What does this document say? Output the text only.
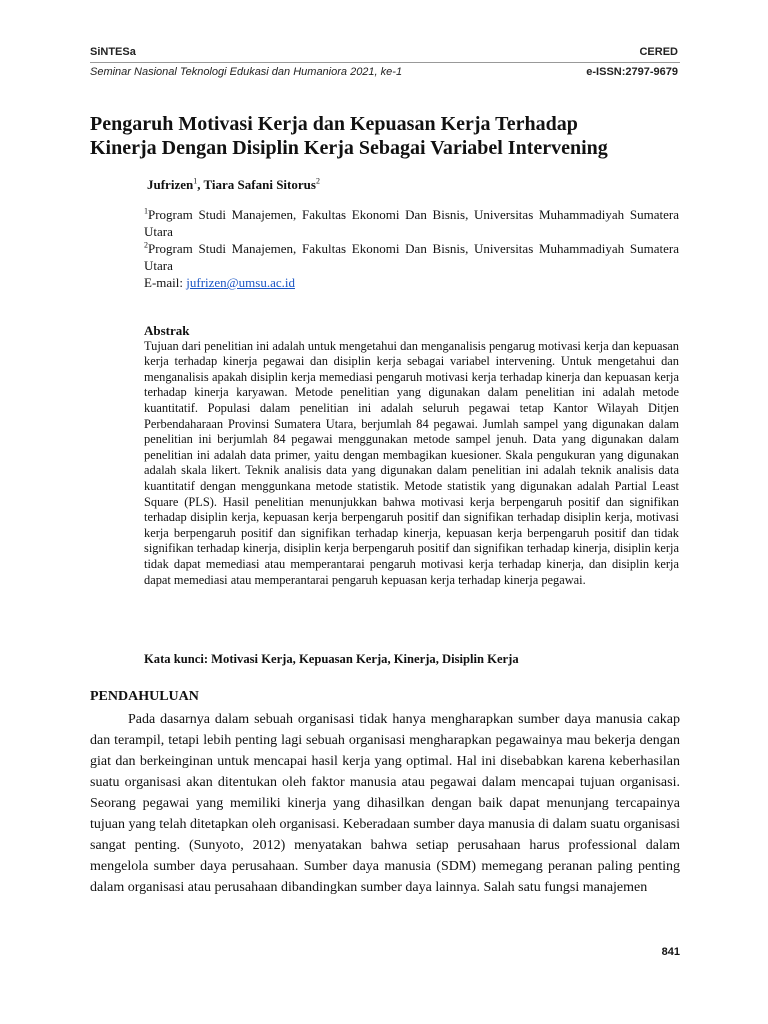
SiNTESa	CERED
Seminar Nasional Teknologi Edukasi dan Humaniora 2021, ke-1	e-ISSN:2797-9679
Pengaruh Motivasi Kerja dan Kepuasan Kerja Terhadap
Kinerja Dengan Disiplin Kerja Sebagai Variabel Intervening
Jufrizen$^1$, Tiara Safani Sitorus$^2$

$^1$Program Studi Manajemen, Fakultas Ekonomi Dan Bisnis, Universitas Muhammadiyah Sumatera Utara

$^2$Program Studi Manajemen, Fakultas Ekonomi Dan Bisnis, Universitas Muhammadiyah Sumatera Utara

E-mail: jufrizen@umsu.ac.id

Abstrak

Tujuan dari penelitian ini adalah untuk mengetahui dan menganalisis pengarug motivasi kerja dan kepuasan kerja terhadap kinerja pegawai dan disiplin kerja sebagai variabel intervening. Untuk mengetahui dan menganalisis apakah disiplin kerja memediasi pengaruh motivasi kerja terhadap kinerja dan kepuasan kerja terhadap kinerja karyawan. Metode penelitian yang digunakan dalam penelitian ini adalah metode kuantitatif. Populasi dalam penelitian ini adalah seluruh pegawai tetap Kantor Wilayah Ditjen Perbendaharaan Provinsi Sumatera Utara, berjumlah 84 pegawai. Jumlah sampel yang digunakan dalam penelitian ini berjumlah 84 pegawai menggunakan metode sampel jenuh. Data yang digunakan dalam penelitian ini adalah data primer, yaitu dengan membagikan kuesioner. Skala pengukuran yang digunakan adalah skala likert. Teknik analisis data yang digunakan dalam penelitian ini adalah teknik analisis data kuantitatif dengan menggunkana metode statistik. Metode statistik yang digunakan adalah Partial Least Square (PLS). Hasil penelitian menunjukkan bahwa motivasi kerja berpengaruh positif dan signifikan terhadap disiplin kerja, kepuasan kerja berpengaruh positif dan signifikan terhadap disiplin kerja, motivasi kerja berpengaruh positif dan signifikan terhadap kinerja, kepuasan kerja berpengaruh positif dan tidak signifikan terhadap kinerja, disiplin kerja berpengaruh positif dan signifikan terhadap kinerja, disiplin kerja tidak dapat memediasi atau memperantarai pengaruh motivasi kerja terhadap kinerja, dan disiplin kerja dapat memediasi atau memperantarai pengaruh kepuasan kerja terhadap kinerja pegawai.

Kata kunci: Motivasi Kerja, Kepuasan Kerja, Kinerja, Disiplin Kerja
PENDAHULUAN

Pada dasarnya dalam sebuah organisasi tidak hanya mengharapkan sumber daya manusia cakap dan terampil, tetapi lebih penting lagi sebuah organisasi mengharapkan pegawainya mau bekerja dengan giat dan berkeinginan untuk mencapai hasil kerja yang optimal. Hal ini disebabkan karena keberhasilan suatu organisasi akan ditentukan oleh faktor manusia atau pegawai dalam mencapai tujuan organisasi. Seorang pegawai yang memiliki kinerja yang dihasilkan dengan baik dapat menunjang tercapainya tujuan yang telah ditetapkan oleh organisasi. Keberadaan sumber daya manusia di dalam suatu organisasi sangat penting. (Sunyoto, 2012) menyatakan bahwa setiap perusahaan harus professional dalam mengelola sumber daya perusahaan. Sumber daya manusia (SDM) memegang peranan paling penting dalam organisasi atau perusahaan dibandingkan sumber daya lainnya. Salah satu fungsi manajemen

841
